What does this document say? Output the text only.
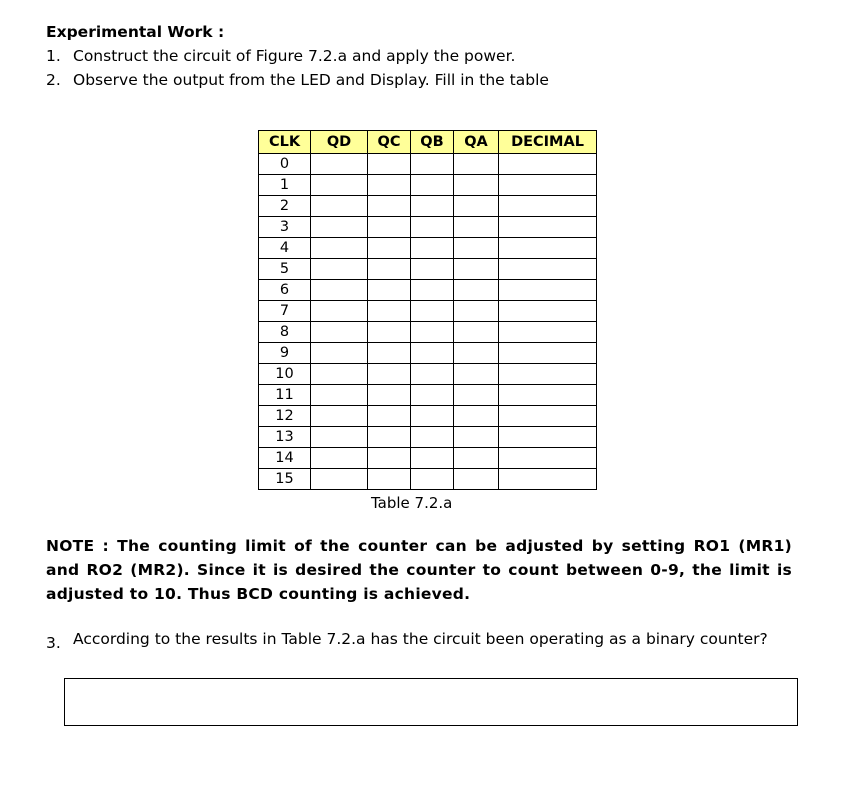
Experimental Work :
1. Construct the circuit of Figure 7.2.a and apply the power.
2. Observe the output from the LED and Display. Fill in the table
CLK	QD	QC	QB	QA	DECIMAL
0					
1					
2					
3					
4					
5					
6					
7					
8					
9					
10					
11					
12					
13					
14					
15					
Table 7.2.a
NOTE : The counting limit of the counter can be adjusted by setting RO1 (MR1) and RO2 (MR2). Since it is desired the counter to count between 0-9, the limit is adjusted to 10. Thus BCD counting is achieved.
3. According to the results in Table 7.2.a has the circuit been operating as a binary counter?
